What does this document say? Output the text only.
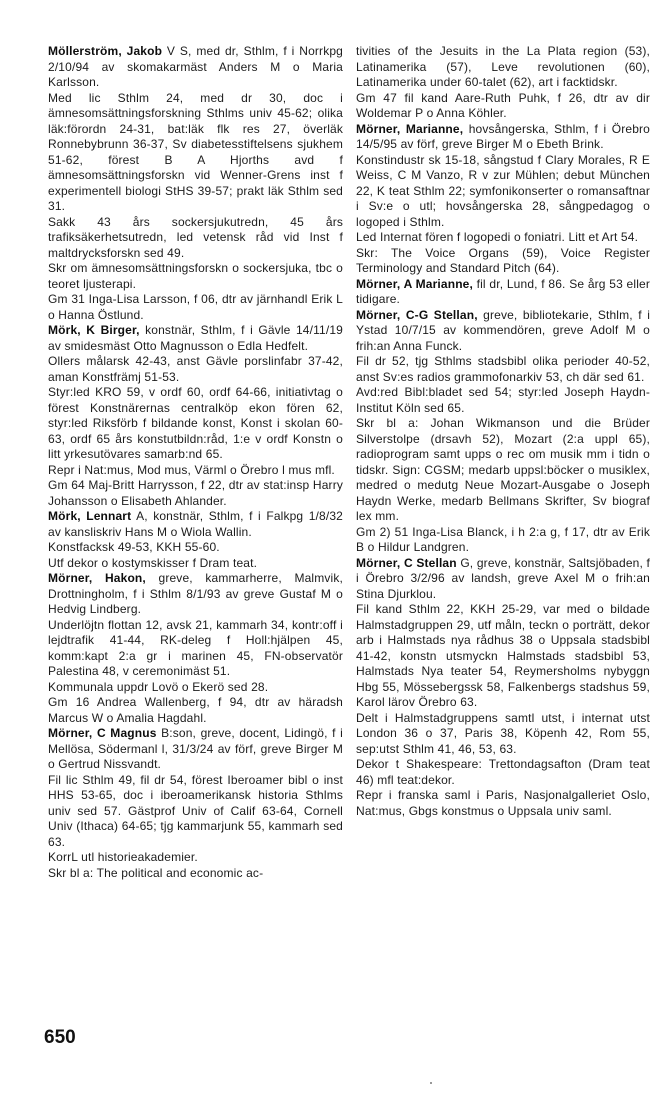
Möllerström, Jakob V S, med dr, Sthlm, f i Norrkpg 2/10/94 av skomakarmäst Anders M o Maria Karlsson.

Med lic Sthlm 24, med dr 30, doc i ämnesomsättningsforskning Sthlms univ 45-62; olika läk:förordn 24-31, bat:läk flk res 27, överläk Ronnebybrunn 36-37, Sv diabetesstiftelsens sjukhem 51-62, förest B A Hjorths avd f ämnesomsättningsforskn vid Wenner-Grens inst f experimentell biologi StHS 39-57; prakt läk Sthlm sed 31.

Sakk 43 års sockersjukutredn, 45 års trafiksäkerhetsutredn, led vetensk råd vid Inst f maltdrycksforskn sed 49.

Skr om ämnesomsättningsforskn o sockersjuka, tbc o teoret ljusterapi.

Gm 31 Inga-Lisa Larsson, f 06, dtr av järnhandl Erik L o Hanna Östlund.

Mörk, K Birger, konstnär, Sthlm, f i Gävle 14/11/19 av smidesmäst Otto Magnusson o Edla Hedfelt.

Ollers målarsk 42-43, anst Gävle porslinfabr 37-42, aman Konstfrämj 51-53.

Styr:led KRO 59, v ordf 60, ordf 64-66, initiativtag o förest Konstnärernas centralköp ekon fören 62, styr:led Riksförb f bildande konst, Konst i skolan 60-63, ordf 65 års konstutbildn:råd, 1:e v ordf Konstn o litt yrkesutövares samarb:nd 65.

Repr i Nat:mus, Mod mus, Värml o Örebro l mus mfl.

Gm 64 Maj-Britt Harrysson, f 22, dtr av stat:insp Harry Johansson o Elisabeth Ahlander.

Mörk, Lennart A, konstnär, Sthlm, f i Falkpg 1/8/32 av kansliskriv Hans M o Wiola Wallin.

Konstfacksk 49-53, KKH 55-60.

Utf dekor o kostymskisser f Dram teat.

Mörner, Hakon, greve, kammarherre, Malmvik, Drottningholm, f i Sthlm 8/1/93 av greve Gustaf M o Hedvig Lindberg.

Underlöjtn flottan 12, avsk 21, kammarh 34, kontr:off i lejdtrafik 41-44, RK-deleg f Holl:hjälpen 45, komm:kapt 2:a gr i marinen 45, FN-observatör Palestina 48, v ceremonimäst 51.

Kommunala uppdr Lovö o Ekerö sed 28.

Gm 16 Andrea Wallenberg, f 94, dtr av häradsh Marcus W o Amalia Hagdahl.

Mörner, C Magnus B:son, greve, docent, Lidingö, f i Mellösa, Södermanl l, 31/3/24 av förf, greve Birger M o Gertrud Nissvandt.

Fil lic Sthlm 49, fil dr 54, förest Iberoamer bibl o inst HHS 53-65, doc i iberoamerikansk historia Sthlms univ sed 57. Gästprof Univ of Calif 63-64, Cornell Univ (Ithaca) 64-65; tjg kammarjunk 55, kammarh sed 63.

KorrL utl historieakademier.

Skr bl a: The political and economic ac-

tivities of the Jesuits in the La Plata region (53), Latinamerika (57), Leve revolutionen (60), Latinamerika under 60-talet (62), art i facktidskr.

Gm 47 fil kand Aare-Ruth Puhk, f 26, dtr av dir Woldemar P o Anna Köhler.

Mörner, Marianne, hovsångerska, Sthlm, f i Örebro 14/5/95 av förf, greve Birger M o Ebeth Brink.

Konstindustr sk 15-18, sångstud f Clary Morales, R E Weiss, C M Vanzo, R v zur Mühlen; debut München 22, K teat Sthlm 22; symfonikonserter o romansaftnar i Sv:e o utl; hovsångerska 28, sångpedagog o logoped i Sthlm.

Led Internat fören f logopedi o foniatri. Litt et Art 54.

Skr: The Voice Organs (59), Voice Register Terminology and Standard Pitch (64).

Mörner, A Marianne, fil dr, Lund, f 86. Se årg 53 eller tidigare.

Mörner, C-G Stellan, greve, bibliotekarie, Sthlm, f i Ystad 10/7/15 av kommendören, greve Adolf M o frih:an Anna Funck.

Fil dr 52, tjg Sthlms stadsbibl olika perioder 40-52, anst Sv:es radios grammofonarkiv 53, ch där sed 61.

Avd:red Bibl:bladet sed 54; styr:led Joseph Haydn-Institut Köln sed 65.

Skr bl a: Johan Wikmanson und die Brüder Silverstolpe (drsavh 52), Mozart (2:a uppl 65), radioprogram samt upps o rec om musik mm i tidn o tidskr. Sign: CGSM; medarb uppsl:böcker o musiklex, medred o medutg Neue Mozart-Ausgabe o Joseph Haydn Werke, medarb Bellmans Skrifter, Sv biograf lex mm.

Gm 2) 51 Inga-Lisa Blanck, i h 2:a g, f 17, dtr av Erik B o Hildur Landgren.

Mörner, C Stellan G, greve, konstnär, Saltsjöbaden, f i Örebro 3/2/96 av landsh, greve Axel M o frih:an Stina Djurklou.

Fil kand Sthlm 22, KKH 25-29, var med o bildade Halmstadgruppen 29, utf måln, teckn o porträtt, dekor arb i Halmstads nya rådhus 38 o Uppsala stadsbibl 41-42, konstn utsmyckn Halmstads stadsbibl 53, Halmstads Nya teater 54, Reymersholms nybyggn Hbg 55, Mössebergssk 58, Falkenbergs stadshus 59, Karol lärov Örebro 63.

Delt i Halmstadgruppens samtl utst, i internat utst London 36 o 37, Paris 38, Köpenh 42, Rom 55, sep:utst Sthlm 41, 46, 53, 63.

Dekor t Shakespeare: Trettondagsafton (Dram teat 46) mfl teat:dekor.

Repr i franska saml i Paris, Nasjonalgalleriet Oslo, Nat:mus, Gbgs konstmus o Uppsala univ saml.

650
